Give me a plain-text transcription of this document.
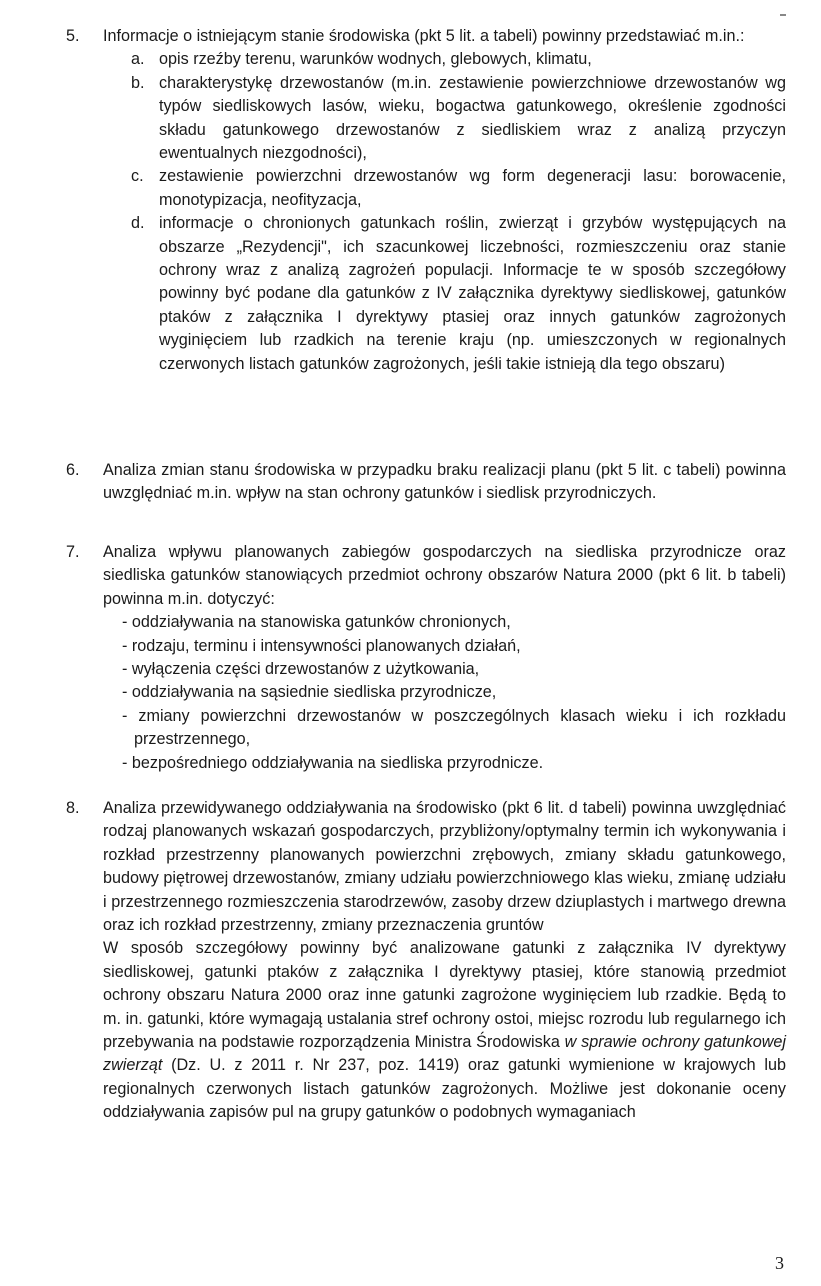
5. Informacje o istniejącym stanie środowiska (pkt 5 lit. a tabeli) powinny przedstawiać m.in.:
a. opis rzeźby terenu, warunków wodnych, glebowych, klimatu,
b. charakterystykę drzewostanów (m.in. zestawienie powierzchniowe drzewostanów wg typów siedliskowych lasów, wieku, bogactwa gatunkowego, określenie zgodności składu gatunkowego drzewostanów z siedliskiem wraz z analizą przyczyn ewentualnych niezgodności),
c. zestawienie powierzchni drzewostanów wg form degeneracji lasu: borowacenie, monotypizacja, neofityzacja,
d. informacje o chronionych gatunkach roślin, zwierząt i grzybów występujących na obszarze „Rezydencji", ich szacunkowej liczebności, rozmieszczeniu oraz stanie ochrony wraz z analizą zagrożeń populacji. Informacje te w sposób szczegółowy powinny być podane dla gatunków z IV załącznika dyrektywy siedliskowej, gatunków ptaków z załącznika I dyrektywy ptasiej oraz innych gatunków zagrożonych wyginięciem lub rzadkich na terenie kraju (np. umieszczonych w regionalnych czerwonych listach gatunków zagrożonych, jeśli takie istnieją dla tego obszaru)
6. Analiza zmian stanu środowiska w przypadku braku realizacji planu (pkt 5 lit. c tabeli) powinna uwzględniać m.in. wpływ na stan ochrony gatunków i siedlisk przyrodniczych.
7. Analiza wpływu planowanych zabiegów gospodarczych na siedliska przyrodnicze oraz siedliska gatunków stanowiących przedmiot ochrony obszarów Natura 2000 (pkt 6 lit. b tabeli) powinna m.in. dotyczyć:
- oddziaływania na stanowiska gatunków chronionych,
- rodzaju, terminu i intensywności planowanych działań,
- wyłączenia części drzewostanów z użytkowania,
- oddziaływania na sąsiednie siedliska przyrodnicze,
- zmiany powierzchni drzewostanów w poszczególnych klasach wieku i ich rozkładu przestrzennego,
- bezpośredniego oddziaływania na siedliska przyrodnicze.
8. Analiza przewidywanego oddziaływania na środowisko (pkt 6 lit. d tabeli) powinna uwzględniać rodzaj planowanych wskazań gospodarczych, przybliżony/optymalny termin ich wykonywania i rozkład przestrzenny planowanych powierzchni zrębowych, zmiany składu gatunkowego, budowy piętrowej drzewostanów, zmiany udziału powierzchniowego klas wieku, zmianę udziału i przestrzennego rozmieszczenia starodrzewów, zasoby drzew dziuplastych i martwego drewna oraz ich rozkład przestrzenny, zmiany przeznaczenia gruntów
W sposób szczegółowy powinny być analizowane gatunki z załącznika IV dyrektywy siedliskowej, gatunki ptaków z załącznika I dyrektywy ptasiej, które stanowią przedmiot ochrony obszaru Natura 2000 oraz inne gatunki zagrożone wyginięciem lub rzadkie. Będą to m. in. gatunki, które wymagają ustalania stref ochrony ostoi, miejsc rozrodu lub regularnego ich przebywania na podstawie rozporządzenia Ministra Środowiska w sprawie ochrony gatunkowej zwierząt (Dz. U. z 2011 r. Nr 237, poz. 1419) oraz gatunki wymienione w krajowych lub regionalnych czerwonych listach gatunków zagrożonych. Możliwe jest dokonanie oceny oddziaływania zapisów pul na grupy gatunków o podobnych wymaganiach
3
